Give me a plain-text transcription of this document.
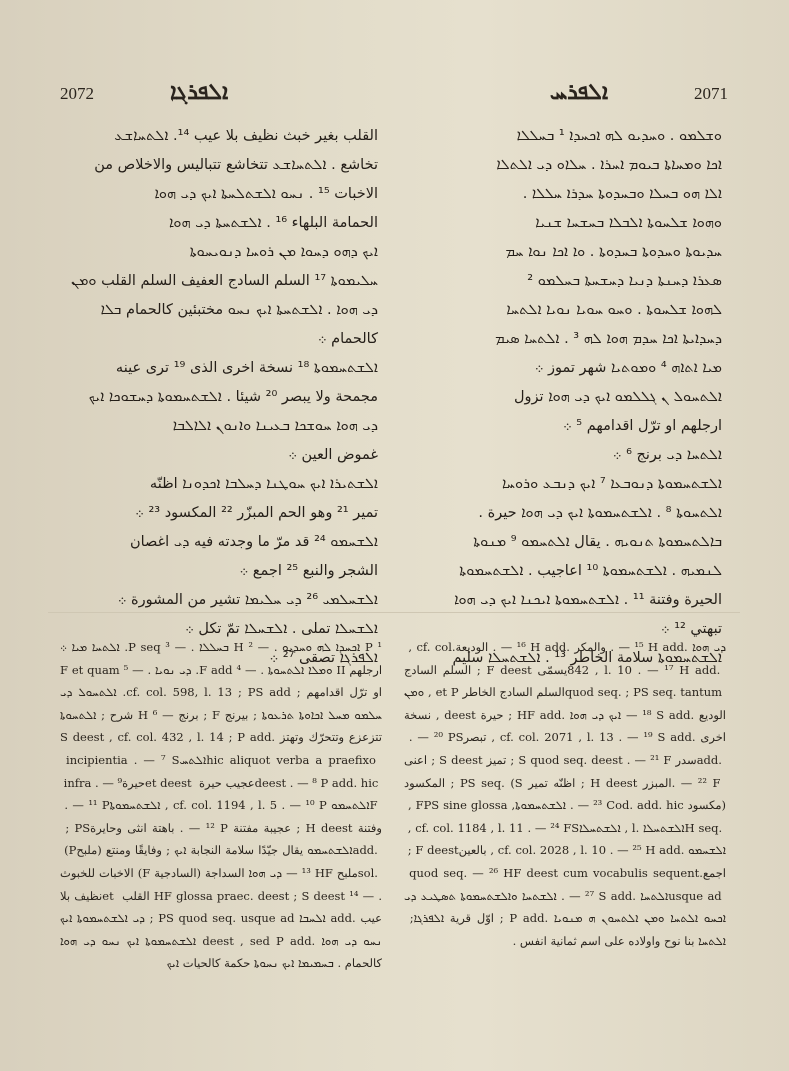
2072	ܐܠܦܪܓܐ	ܐܠܦܪܚ	2071

القلب بغير خبث نظيف بلا عيب ¹⁴. ܐܠܬܚܐܫܥ

تخاشع . ܐܠܬܚܐܫܥ تتخاشع تتباليس والاخلاص من

الاخبات ¹⁵ . ܢܚܘ ܐܠܫܬܠܚܬܐ ܐܝܟ ܕܝ ܗܘܐ

الحمامة البلهاء ¹⁶ . ܐܠܫܬܚܬܐ ܕܝ ܗܘܐ

ܐܝܟ ܕܗܘ ܕܚܘܐ ܡܢ ܪܘܚܐ ܕܢܘܝܚܘܬܐ

ܚܠܝܡܘܬܐ ¹⁷ السلم السادج العفيف السلم القلب ܘܡܢ

ܕܝ ܗܘܐ . ܐܠܫܬܚܬܐ ܐܝܟ ܢܚܘ مختبئين كالحمام ܒܠܐ

كالحمام ܀

ܐܠܫܬܚܡܘܬܐ ¹⁸ نسخة اخرى الذى ¹⁹ ترى عينه

مجمحة ولا يبصر ²⁰ شيئا . ܐܠܫܬܚܡܘܬܐ ܕܚܫܘܟܐ ܐܝܟ

ܕܝ ܗܘܐ ܚܘܫܟܐ ܒܥܝܢܐ ܘܐܢܘܢ ܐܠܐܠܒܐ

غموض العين ܀

ܐܠܫܬܝܪܐ ܐܝܟ ܚܘܛܢܐ ܕܚܠܒܐ ܐܟܕܘܢܐ اظنّه

تمير ²¹ وهو الحم المبزّر ²² المكسود ²³ ܀

ܐܠܫܚܡܘ ²⁴ قد مرّ ما وجدته فيه ܕܝ اغصان

الشجر والنبع ²⁵ اجمع ܀

ܐܠܫܚܠܡܝ ²⁶ ܕܝ ܚܠܝܡܐ تشير من المشورة ܀

ܐܠܫܚܠܐ تملى . ܐܠܫܚܠܐ تمّ تكل ܀

ܐܠܦܪܓܐ تصقى ²⁷ ܀

ܘܫܠܡܘ . ܘܚܕܝܘ ܠܗ ܐܟܚܕܐ ¹ ܒܚܠܠܐ

ܐܟܐ ܘܡܚܐܬܐ ܒܝܘܡ ܐܚܪܐ . ܚܠܐܘ ܕܝ ܐܠܬܠܐ

ܐܠܐ ܗܘ ܒܚܠܐ ܘܒܚܕܘܬܐ ܚܕܪܐ ܚܠܠܐ .

ܘܗܘܐ ܫܠܚܘܬܐ ܐܠܒܠܐ ܒܚܫܚܐ ܫܢܝܐ

ܚܕܝܘܬܐ ܘܚܕܘܬܐ ܒܚܕܘܬܐ . ܘܐ ܐܟܐ ܢܘܐ ܚܡ

ܣܥܪܐ ܕܚܢܬܐ ܕܢܝܐ ܕܚܫܚܬܐ ܒܚܠܡܘ ²

ܠܗܘܐ ܫܠܚܘܬܐ . ܘܚܘ ܚܘܝܐ ܢܘܝܐ ܐܠܬܚܐ

ܕܚܕܐܝܬܐ ܐܟܐ ܚܕܡ ܗܘܐ ܠܗ ³ . ܐܠܬܚܐ ܣܝܡ

ܡܝܐ ܐܬܐܗ ⁴ ܘܡܘܬܝܐ شهر تموز ܀

ܐܠܬܚܘܠ ܢ ܓܠܠܡܘ ܐܝܟ ܕܝ ܗܘܐ تزول

ارجلهم او ترّل اقدامهم ⁵ ܀

ܐܠܬܚܐ ܕܝ برنج ⁶ ܀

ܐܠܫܬܚܡܘܬܐ ܕܢܘܒܥܐ ⁷ ܐܝܟ ܕܢܒܥ ܘܪܘܚܐ

ܐܠܬܚܘܬܐ ⁸ . ܐܠܫܬܚܡܘܬܐ ܐܝܟ ܕܝ ܗܘܐ حيرة .

ܒܐܠܬܚܡܘܬܐ ܬܢܘܝܗ . يقال ܐܠܬܚܡܘ ⁹ ܡܢܘܬܐ

ܠܢܡܝܗ . ܐܠܫܬܚܡܘܬܐ ¹⁰ اعاجيب . ܐܠܫܬܚܡܘܬܐ

الحيرة وفتنة ¹¹ . ܐܠܫܬܚܡܘܬܐ ܐܝܟܢܐ ܐܝܟ ܕܝ ܗܘܐ

تبهتي ¹² ܀

ܐܠܫܬܚܡܘܬܐ سلامة الخاطر ¹³ . ܐܠܫܬܚܠܐ سليم

¹ P ܐܟܚܕܐ ܠܗ ܘܚܕܝܘ . — ² H ܒܚܠܠܐ . — ³ P seq. ܐܠܬܚܐ ܡܝܐ ܀ ارجلهم II ܘܡܠܐ ܐܠܬܚܘܬܐ . — ⁴ F add. ܕܝ ܢܘܝܐ . — ⁵ F et quam او ترّل اقدامهم ; cf. col. 598, l. 13 ; PS add. ܐܠܬܚܘܠ ܕܝ ܚܠܡܘ ܡܚܠ ܐܟܐܘܬܐ ܬܪܥܘܬܐ ; بيرنج F ; برنج — ⁶ H شرح ; ܐܠܬܚܘܬܐ تتزعزع وتتحرّك وتهتز S deest , cf. col. 432 , l. 14 ; P add. hic aliquot verba a praefixo ‎ܐܠܬܚ‎ incipientia . — ⁷ S deest . — ⁸ P add. hic ‎عجيب‎ حيرة et deest ‎حيرة‎ infra . — ⁹ F ‎ܐܠܬܚܡܘ‎ , cf. col. 1194 , l. 5 . — ¹⁰ P ‎ܐܠܫܬܚܡܘܬܐ‎ . — ¹¹ P ‎وفتنة‎ ; H deest ‎عجيبة مفتنة‎ . — ¹² P ‎باهتة انثى وحايرة‎ ; PS add. ‎ܐܠܫܬܚܡܘ‎ يقال جيّدًا سلامة النجابة ‎ܐܝܟ‎ ; ‎وفايقًا ومنتع (ملبح‎ (P sol. ‎ملبح‎ — ¹³ HF ‎ܕܝ ܗܘܐ‎ السداجة (السادجية F) الاخبات للخبوث . — ¹⁴ HF glossa praec. deest ; S deest القلب et ‎نظيف بلا عيب‎ add. ‎ܐܠܚܒܐ‎ ; PS quod seq. usque ad ‎ܕܝ‎ ‎ܐܠܫܬܚܡܘܬܐ ܐܝܟ ܢܚܘ ܕܝ ܗܘܐ‎ deest , sed P add. ‎ܐܠܫܬܚܡܘܬܐ ܐܝܟ‎ ‎ܢܚܘ ܕܝ ܗܘܐ‎ كالحمام . ‎ܒܚܡܝܡܐ ܐܝܟ ܢܚܘܬܐ‎ حكمة كالحيات ‎ܐܝܟ‎

‎ܕܝ ܗܘܐ‎ . — ¹⁵ H add. ‎والمكر‎ . — ¹⁶ H add. ‎الوديعة‎ , cf. col. 842 , l. 10 . — ¹⁷ H add. ‎يسمّى‎ ; F deest ‎السلم السادج‎ quod seq. ; PS seq. tantum ‎السلم السادج الخاطر‎ , et P ‎ܘܡܢ‎ ‎الوديع‎ — ¹⁸ S add. ‎ܐܝܟ ܕܝ ܗܘܐ‎ ; HF add. ‎حيرة‎ , deest ‎نسخة اخرى‎ , cf. col. 2071 , l. 13 . — ¹⁹ S add. ‎تبصر‎ . — ²⁰ PS add. ‎سدر‎ ; S quod seq. deest . — ²¹ F ‎تميز‎ ; S deest ‎اعنى‎ . — ²² F ‎المبزر‎ ; H deest ‎اظنّه تمير‎ ; PS seq. (S ‎المكسود (مكسود‎ . — ²³ Cod. add. hic ‎ܐܠܫܬܚܡܘܬܐ‎ , FPS sine glossa , H seq. ‎ܐܠܫܬܚܠܐ‎ , l. ‎ܐܠܫܬܚܠܐ‎ , cf. col. 1184 , l. 11 . — ²⁴ FS ‎ܐܠܫܚܡܘ‎ , cf. col. 2028 , l. 10 . — ²⁵ H add. ‎بالعين‎ ; F deest ‎اجمع‎ quod seq. — ²⁶ HF deest cum vocabulis sequent. usque ad ‎ܐܠܬܚܐ‎ . — ²⁷ S add. ‎ܐܠܫܬܚܐ‎ ‎ܘܐܠܫܬܚܡܘܬܐ ܬܣܛܝܥ ܕܝ ܐܟܚܘ ܐܠܬܚܐ ܘܡܢ‎ ‎ܐܠܬܚܘܢ ܗ ܡܢܘܝܐ‎ ; P add. ‎اوّل قرية‎ ‎ܐܠܦܪܓܐ‎ ; ‎ܐܠܬܚܐ‎ بنا نوح واولاده على اسم ثمانية انفس .
